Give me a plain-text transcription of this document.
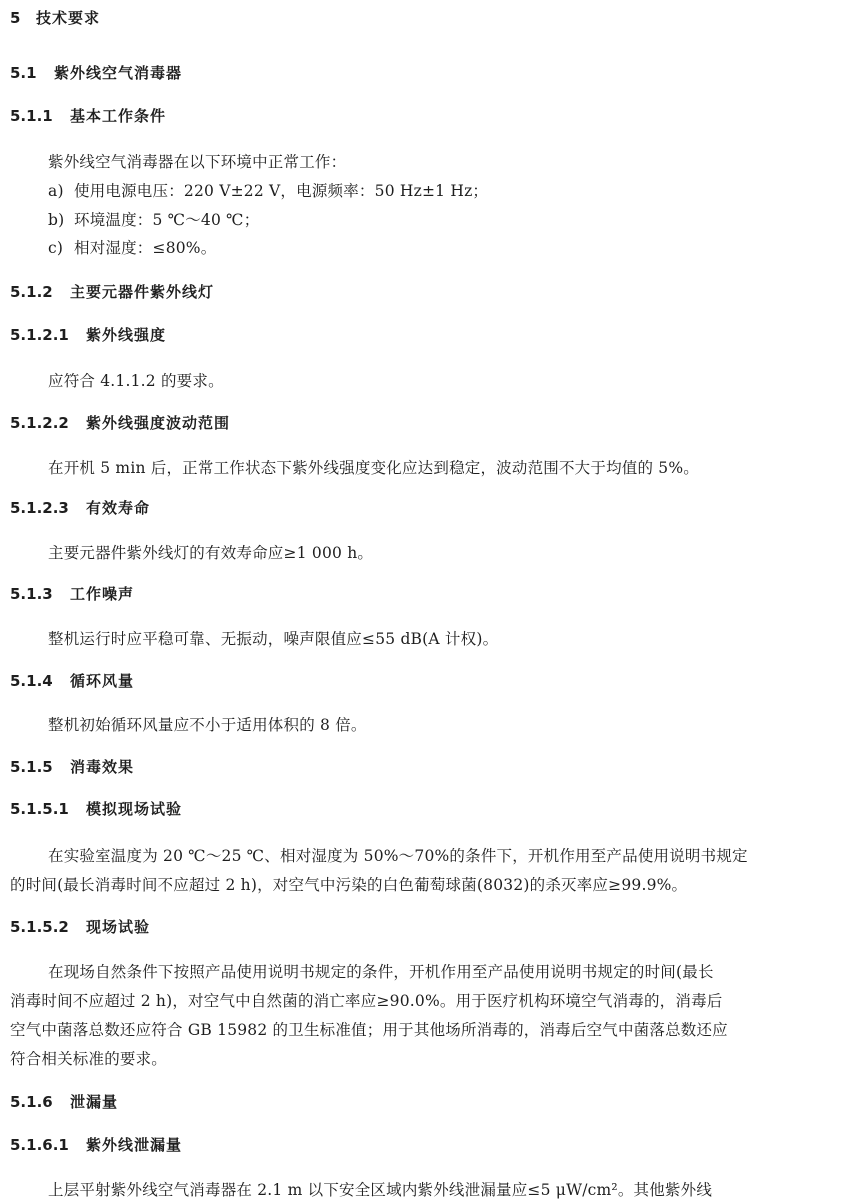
5 技术要求
5.1 紫外线空气消毒器
5.1.1 基本工作条件
紫外线空气消毒器在以下环境中正常工作：
a) 使用电源电压：220 V±22 V，电源频率：50 Hz±1 Hz；
b) 环境温度：5 ℃～40 ℃；
c) 相对湿度：≤80%。
5.1.2 主要元器件紫外线灯
5.1.2.1 紫外线强度
应符合 4.1.1.2 的要求。
5.1.2.2 紫外线强度波动范围
在开机 5 min 后，正常工作状态下紫外线强度变化应达到稳定，波动范围不大于均值的 5%。
5.1.2.3 有效寿命
主要元器件紫外线灯的有效寿命应≥1 000 h。
5.1.3 工作噪声
整机运行时应平稳可靠、无振动，噪声限值应≤55 dB(A 计权)。
5.1.4 循环风量
整机初始循环风量应不小于适用体积的 8 倍。
5.1.5 消毒效果
5.1.5.1 模拟现场试验
在实验室温度为 20 ℃～25 ℃、相对湿度为 50%～70%的条件下，开机作用至产品使用说明书规定
的时间(最长消毒时间不应超过 2 h)，对空气中污染的白色葡萄球菌(8032)的杀灭率应≥99.9%。
5.1.5.2 现场试验
在现场自然条件下按照产品使用说明书规定的条件，开机作用至产品使用说明书规定的时间(最长
消毒时间不应超过 2 h)，对空气中自然菌的消亡率应≥90.0%。用于医疗机构环境空气消毒的，消毒后
空气中菌落总数还应符合 GB 15982 的卫生标准值；用于其他场所消毒的，消毒后空气中菌落总数还应
符合相关标准的要求。
5.1.6 泄漏量
5.1.6.1 紫外线泄漏量
上层平射紫外线空气消毒器在 2.1 m 以下安全区域内紫外线泄漏量应≤5 μW/cm²。其他紫外线
